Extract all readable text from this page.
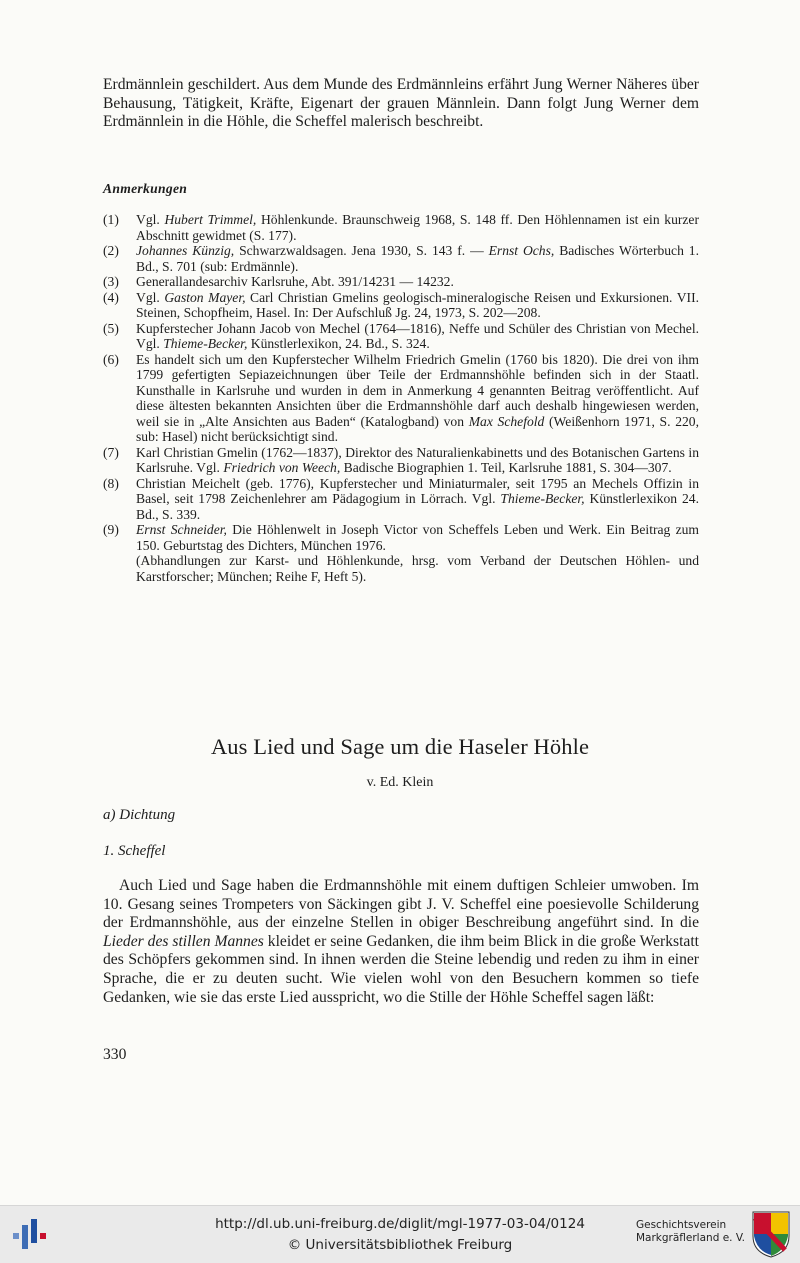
Erdmännlein geschildert. Aus dem Munde des Erdmännleins erfährt Jung Werner Näheres über Behausung, Tätigkeit, Kräfte, Eigenart der grauen Männlein. Dann folgt Jung Werner dem Erdmännlein in die Höhle, die Scheffel malerisch beschreibt.

Anmerkungen
(1)	Vgl. Hubert Trimmel, Höhlenkunde. Braunschweig 1968, S. 148 ff. Den Höhlennamen ist ein kurzer Abschnitt gewidmet (S. 177).
(2)	Johannes Künzig, Schwarzwaldsagen. Jena 1930, S. 143 f. — Ernst Ochs, Badisches Wörterbuch 1. Bd., S. 701 (sub: Erdmännle).
(3)	Generallandesarchiv Karlsruhe, Abt. 391/14231 — 14232.
(4)	Vgl. Gaston Mayer, Carl Christian Gmelins geologisch-mineralogische Reisen und Exkursionen. VII. Steinen, Schopfheim, Hasel. In: Der Aufschluß Jg. 24, 1973, S. 202—208.
(5)	Kupferstecher Johann Jacob von Mechel (1764—1816), Neffe und Schüler des Christian von Mechel. Vgl. Thieme-Becker, Künstlerlexikon, 24. Bd., S. 324.
(6)	Es handelt sich um den Kupferstecher Wilhelm Friedrich Gmelin (1760 bis 1820). Die drei von ihm 1799 gefertigten Sepiazeichnungen über Teile der Erdmannshöhle befinden sich in der Staatl. Kunsthalle in Karlsruhe und wurden in dem in Anmerkung 4 genannten Beitrag veröffentlicht. Auf diese ältesten bekannten Ansichten über die Erdmannshöhle darf auch deshalb hingewiesen werden, weil sie in „Alte Ansichten aus Baden“ (Katalogband) von Max Schefold (Weißenhorn 1971, S. 220, sub: Hasel) nicht berücksichtigt sind.
(7)	Karl Christian Gmelin (1762—1837), Direktor des Naturalienkabinetts und des Botanischen Gartens in Karlsruhe. Vgl. Friedrich von Weech, Badische Biographien 1. Teil, Karlsruhe 1881, S. 304—307.
(8)	Christian Meichelt (geb. 1776), Kupferstecher und Miniaturmaler, seit 1795 an Mechels Offizin in Basel, seit 1798 Zeichenlehrer am Pädagogium in Lörrach. Vgl. Thieme-Becker, Künstlerlexikon 24. Bd., S. 339.
(9)	Ernst Schneider, Die Höhlenwelt in Joseph Victor von Scheffels Leben und Werk. Ein Beitrag zum 150. Geburtstag des Dichters, München 1976.
(Abhandlungen zur Karst- und Höhlenkunde, hrsg. vom Verband der Deutschen Höhlen- und Karstforscher; München; Reihe F, Heft 5).
Aus Lied und Sage um die Haseler Höhle

v. Ed. Klein

a) Dichtung
1. Scheffel

Auch Lied und Sage haben die Erdmannshöhle mit einem duftigen Schleier umwoben. Im 10. Gesang seines Trompeters von Säckingen gibt J. V. Scheffel eine poesievolle Schilderung der Erdmannshöhle, aus der einzelne Stellen in obiger Beschreibung angeführt sind. In die Lieder des stillen Mannes kleidet er seine Gedanken, die ihm beim Blick in die große Werkstatt des Schöpfers gekommen sind. In ihnen werden die Steine lebendig und reden zu ihm in einer Sprache, die er zu deuten sucht. Wie vielen wohl von den Besuchern kommen so tiefe Gedanken, wie sie das erste Lied ausspricht, wo die Stille der Höhle Scheffel sagen läßt:

330

http://dl.ub.uni-freiburg.de/diglit/mgl-1977-03-04/0124
© Universitätsbibliothek Freiburg
Geschichtsverein
Markgräflerland e. V.
